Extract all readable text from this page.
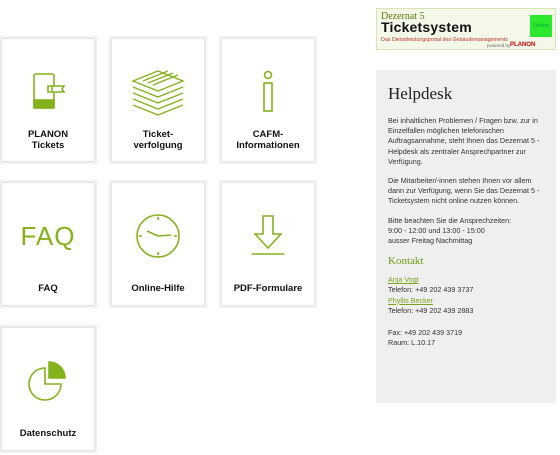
PLANON
Tickets
Ticket-
verfolgung
CAFM-
Informationen
FAQ
FAQ	Online-Hilfe	PDF-Formulare
Datenschutz
Dezernat 5
Ticketsystem
Das Dienstleistungsportal des Gebäudemanagements
powered by PLANON
Online
Helpdesk

Bei inhaltlichen Problemen / Fragen bzw. zur in Einzelfallen möglichen telefonischen Auftragsannahme, steht Ihnen das Dezernat 5 - Helpdesk als zentraler Ansprechpartner zur Verfügung.

Die Mitarbeiter/-innen stehen Ihnen vor allem dann zur Verfügung, wenn Sie das Dezernat 5 - Ticketsystem nicht online nutzen können.

Bitte beachten Sie die Ansprechzeiten:
9:00 - 12:00 und 13:00 - 15:00
ausser Freitag Nachmittag

Kontakt

Anja Vogt
Telefon: +49 202 439 3737
Phyllis Becker
Telefon: +49 202 439 2883

Fax: +49 202 439 3719
Raum: L.10.17
